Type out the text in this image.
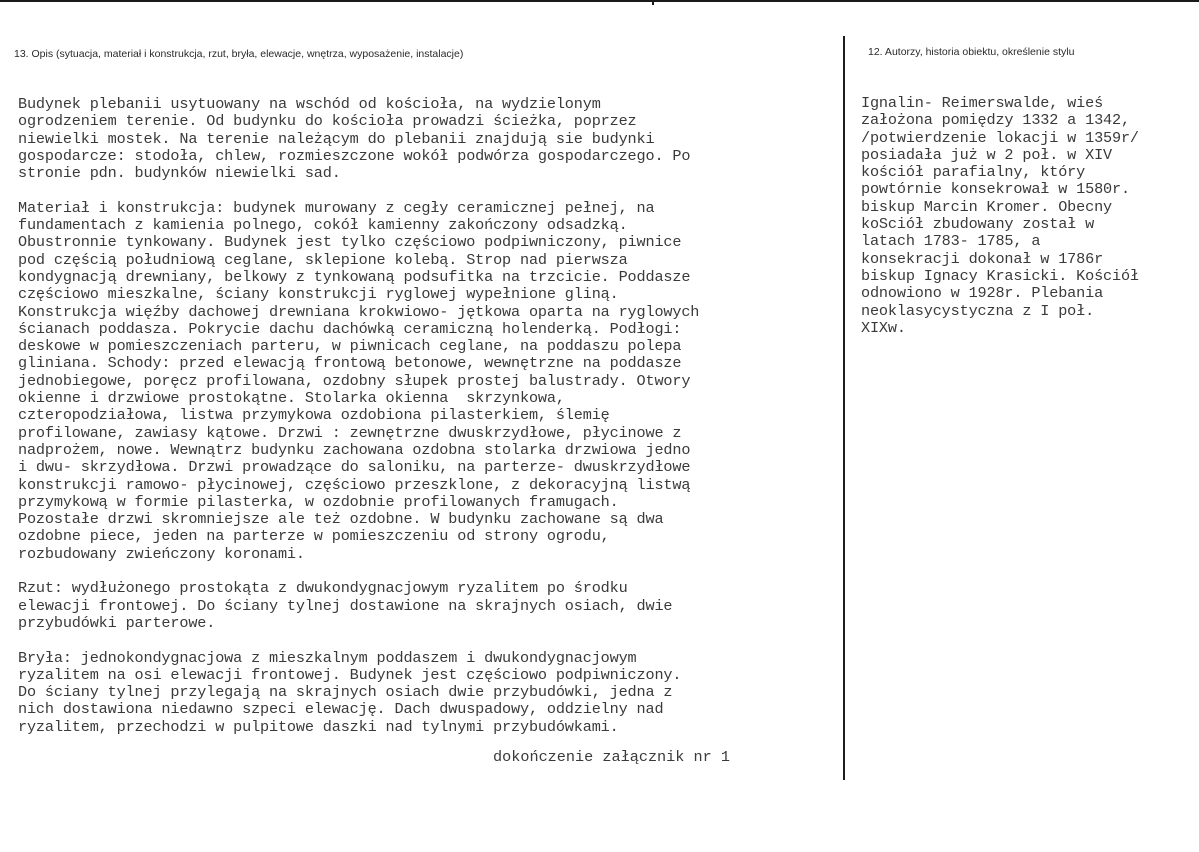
13. Opis (sytuacja, materiał i konstrukcja, rzut, bryła, elewacje, wnętrza, wyposażenie, instalacje)	12. Autorzy, historia obiektu, określenie stylu
Budynek plebanii usytuowany na wschód od kościoła, na wydzielonym
ogrodzeniem terenie. Od budynku do kościoła prowadzi ścieżka, poprzez
niewielki mostek. Na terenie należącym do plebanii znajdują sie budynki
gospodarcze: stodoła, chlew, rozmieszczone wokół podwórza gospodarczego. Po
stronie pdn. budynków niewielki sad.
Materiał i konstrukcja: budynek murowany z cegły ceramicznej pełnej, na
fundamentach z kamienia polnego, cokół kamienny zakończony odsadzką.
Obustronnie tynkowany. Budynek jest tylko częściowo podpiwniczony, piwnice
pod częścią południową ceglane, sklepione kolebą. Strop nad pierwsza
kondygnacją drewniany, belkowy z tynkowaną podsufitka na trzcicie. Poddasze
częściowo mieszkalne, ściany konstrukcji ryglowej wypełnione gliną.
Konstrukcja więźby dachowej drewniana krokwiowo- jętkowa oparta na ryglowych
ścianach poddasza. Pokrycie dachu dachówką ceramiczną holenderką. Podłogi:
deskowe w pomieszczeniach parteru, w piwnicach ceglane, na poddaszu polepa
gliniana. Schody: przed elewacją frontową betonowe, wewnętrzne na poddasze
jednobiegowe, poręcz profilowana, ozdobny słupek prostej balustrady. Otwory
okienne i drzwiowe prostokątne. Stolarka okienna  skrzynkowa,
czteropodziałowa, listwa przymykowa ozdobiona pilasterkiem, ślemię
profilowane, zawiasy kątowe. Drzwi : zewnętrzne dwuskrzydłowe, płycinowe z
nadprożem, nowe. Wewnątrz budynku zachowana ozdobna stolarka drzwiowa jedno
i dwu- skrzydłowa. Drzwi prowadzące do saloniku, na parterze- dwuskrzydłowe
konstrukcji ramowo- płycinowej, częściowo przeszklone, z dekoracyjną listwą
przymykową w formie pilasterka, w ozdobnie profilowanych framugach.
Pozostałe drzwi skromniejsze ale też ozdobne. W budynku zachowane są dwa
ozdobne piece, jeden na parterze w pomieszczeniu od strony ogrodu,
rozbudowany zwieńczony koronami.
Rzut: wydłużonego prostokąta z dwukondygnacjowym ryzalitem po środku
elewacji frontowej. Do ściany tylnej dostawione na skrajnych osiach, dwie
przybudówki parterowe.
Bryła: jednokondygnacjowa z mieszkalnym poddaszem i dwukondygnacjowym
ryzalitem na osi elewacji frontowej. Budynek jest częściowo podpiwniczony.
Do ściany tylnej przylegają na skrajnych osiach dwie przybudówki, jedna z
nich dostawiona niedawno szpeci elewację. Dach dwuspadowy, oddzielny nad
ryzalitem, przechodzi w pulpitowe daszki nad tylnymi przybudówkami.
dokończenie załącznik nr 1
Ignalin- Reimerswalde, wieś
założona pomiędzy 1332 a 1342,
/potwierdzenie lokacji w 1359r/
posiadała już w 2 poł. w XIV
kościół parafialny, który
powtórnie konsekrował w 1580r.
biskup Marcin Kromer. Obecny
koSciół zbudowany został w
latach 1783- 1785, a
konsekracji dokonał w 1786r
biskup Ignacy Krasicki. Kościół
odnowiono w 1928r. Plebania
neoklasycystyczna z I poł.
XIXw.
